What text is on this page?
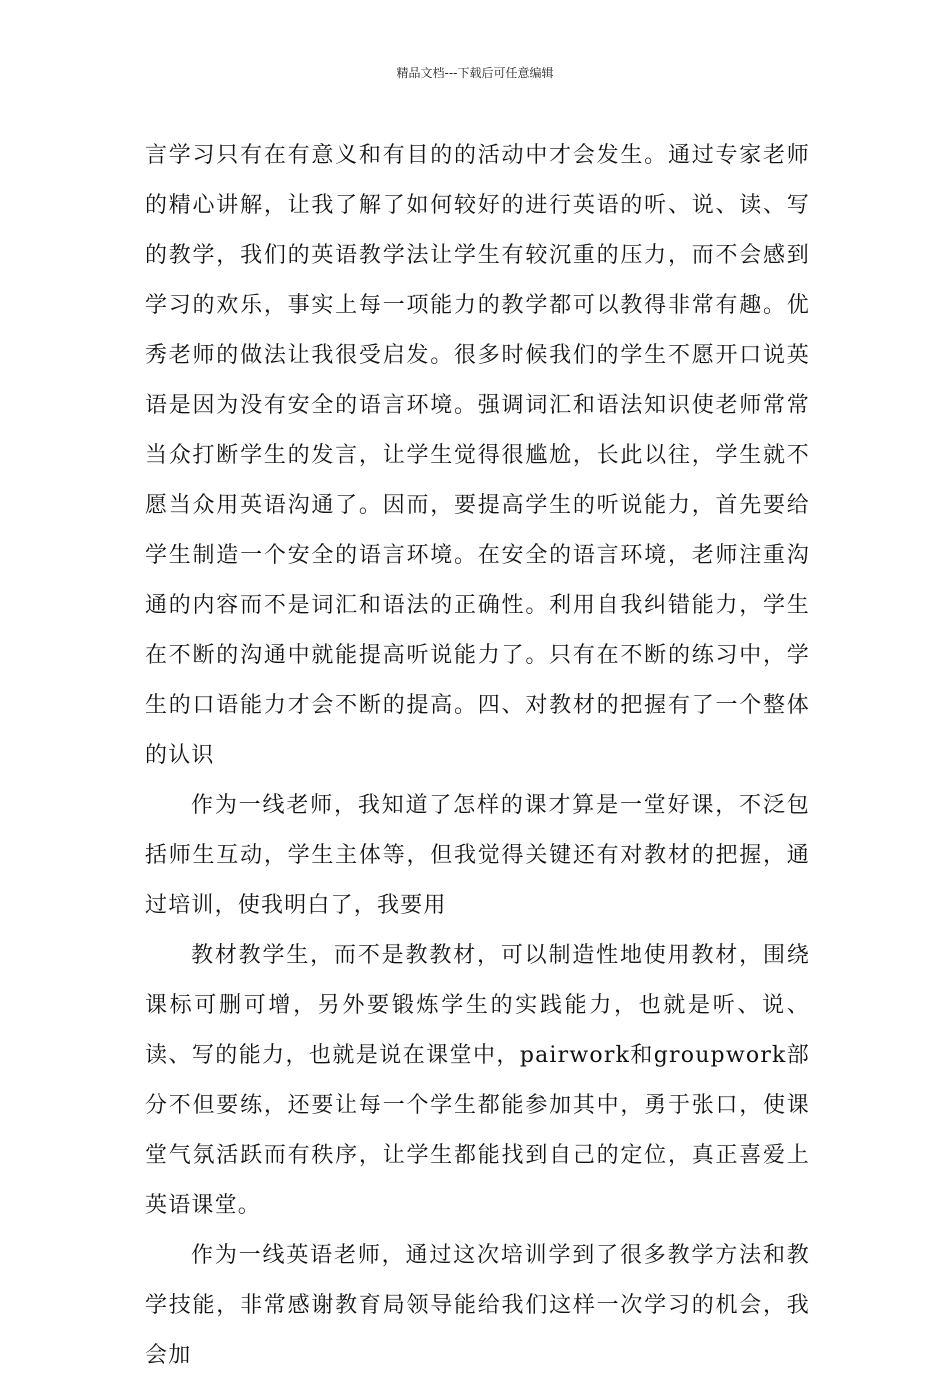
精品文档---下载后可任意编辑

言学习只有在有意义和有目的的活动中才会发生。通过专家老师的精心讲解，让我了解了如何较好的进行英语的听、说、读、写的教学，我们的英语教学法让学生有较沉重的压力，而不会感到学习的欢乐，事实上每一项能力的教学都可以教得非常有趣。优秀老师的做法让我很受启发。很多时候我们的学生不愿开口说英语是因为没有安全的语言环境。强调词汇和语法知识使老师常常当众打断学生的发言，让学生觉得很尴尬，长此以往，学生就不愿当众用英语沟通了。因而，要提高学生的听说能力，首先要给学生制造一个安全的语言环境。在安全的语言环境，老师注重沟通的内容而不是词汇和语法的正确性。利用自我纠错能力，学生在不断的沟通中就能提高听说能力了。只有在不断的练习中，学生的口语能力才会不断的提高。四、对教材的把握有了一个整体的认识

作为一线老师，我知道了怎样的课才算是一堂好课，不泛包括师生互动，学生主体等，但我觉得关键还有对教材的把握，通过培训，使我明白了，我要用

教材教学生，而不是教教材，可以制造性地使用教材，围绕课标可删可增，另外要锻炼学生的实践能力，也就是听、说、读、写的能力，也就是说在课堂中，pairwork和groupwork部分不但要练，还要让每一个学生都能参加其中，勇于张口，使课堂气氛活跃而有秩序，让学生都能找到自己的定位，真正喜爱上英语课堂。

作为一线英语老师，通过这次培训学到了很多教学方法和教学技能，非常感谢教育局领导能给我们这样一次学习的机会，我会加
